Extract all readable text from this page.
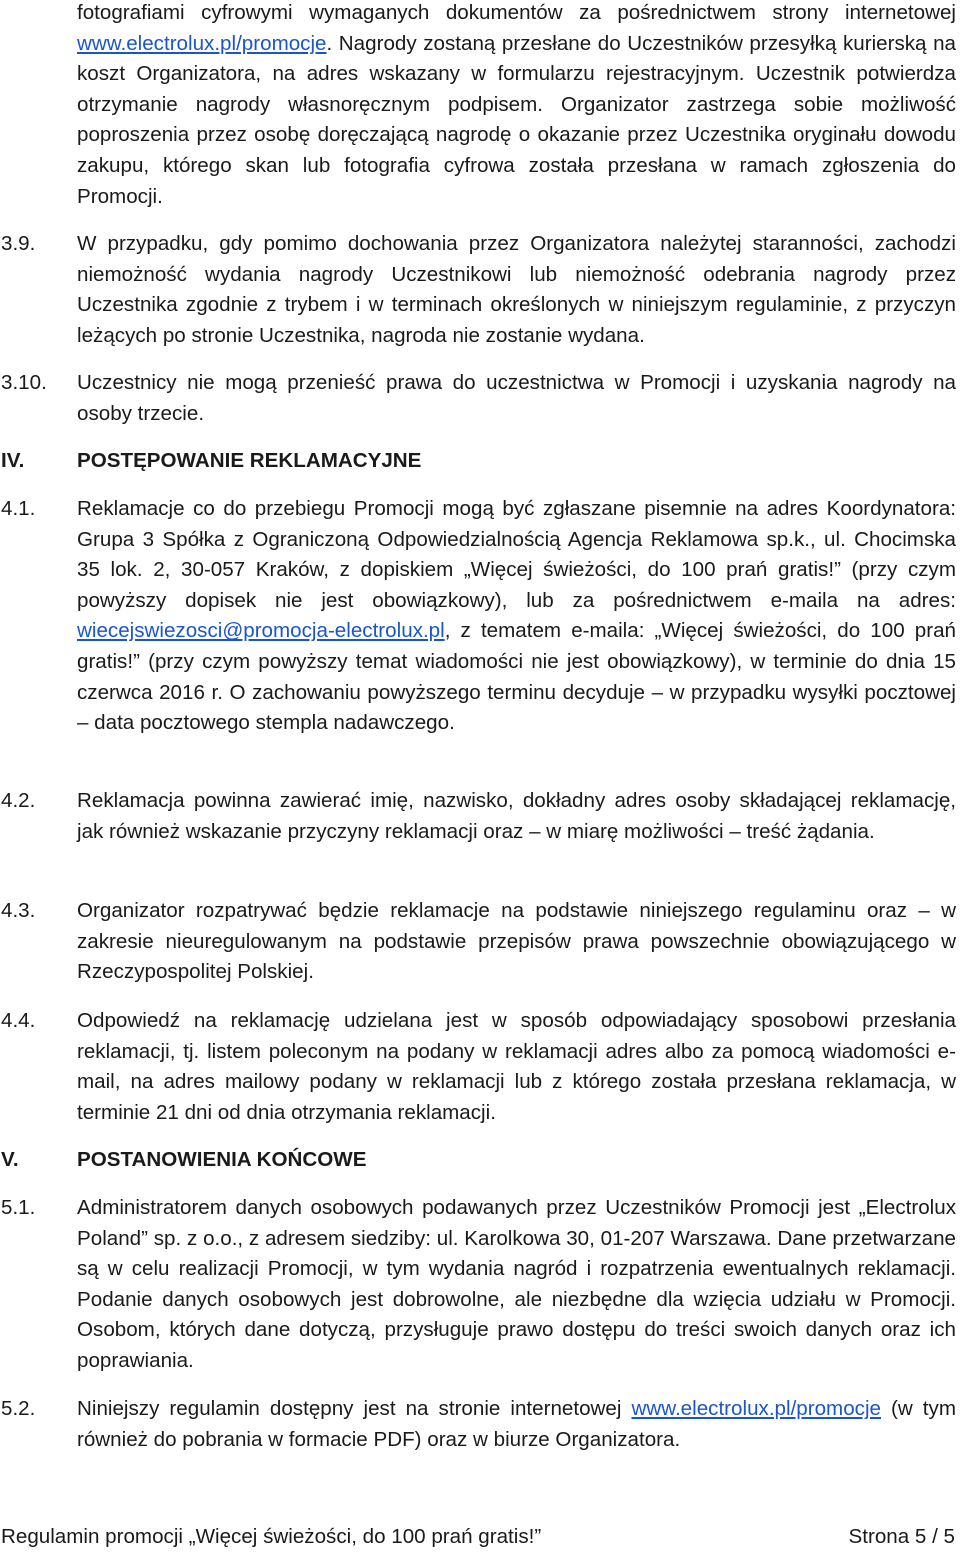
fotografiami cyfrowymi wymaganych dokumentów za pośrednictwem strony internetowej www.electrolux.pl/promocje. Nagrody zostaną przesłane do Uczestników przesyłką kurierską na koszt Organizatora, na adres wskazany w formularzu rejestracyjnym. Uczestnik potwierdza otrzymanie nagrody własnoręcznym podpisem. Organizator zastrzega sobie możliwość poproszenia przez osobę doręczającą nagrodę o okazanie przez Uczestnika oryginału dowodu zakupu, którego skan lub fotografia cyfrowa została przesłana w ramach zgłoszenia do Promocji.
3.9. W przypadku, gdy pomimo dochowania przez Organizatora należytej staranności, zachodzi niemożność wydania nagrody Uczestnikowi lub niemożność odebrania nagrody przez Uczestnika zgodnie z trybem i w terminach określonych w niniejszym regulaminie, z przyczyn leżących po stronie Uczestnika, nagroda nie zostanie wydana.
3.10. Uczestnicy nie mogą przenieść prawa do uczestnictwa w Promocji i uzyskania nagrody na osoby trzecie.
IV.	POSTĘPOWANIE REKLAMACYJNE
4.1. Reklamacje co do przebiegu Promocji mogą być zgłaszane pisemnie na adres Koordynatora: Grupa 3 Spółka z Ograniczoną Odpowiedzialnością Agencja Reklamowa sp.k., ul. Chocimska 35 lok. 2, 30-057 Kraków, z dopiskiem „Więcej świeżości, do 100 prań gratis!” (przy czym powyższy dopisek nie jest obowiązkowy), lub za pośrednictwem e-maila na adres: wiecejswiezosci@promocja-electrolux.pl, z tematem e-maila: „Więcej świeżości, do 100 prań gratis!” (przy czym powyższy temat wiadomości nie jest obowiązkowy), w terminie do dnia 15 czerwca 2016 r. O zachowaniu powyższego terminu decyduje – w przypadku wysyłki pocztowej – data pocztowego stempla nadawczego.
4.2. Reklamacja powinna zawierać imię, nazwisko, dokładny adres osoby składającej reklamację, jak również wskazanie przyczyny reklamacji oraz – w miarę możliwości – treść żądania.
4.3. Organizator rozpatrywać będzie reklamacje na podstawie niniejszego regulaminu oraz – w zakresie nieuregulowanym na podstawie przepisów prawa powszechnie obowiązującego w Rzeczypospolitej Polskiej.
4.4. Odpowiedź na reklamację udzielana jest w sposób odpowiadający sposobowi przesłania reklamacji, tj. listem poleconym na podany w reklamacji adres albo za pomocą wiadomości e-mail, na adres mailowy podany w reklamacji lub z którego została przesłana reklamacja, w terminie 21 dni od dnia otrzymania reklamacji.
V.	POSTANOWIENIA KOŃCOWE
5.1. Administratorem danych osobowych podawanych przez Uczestników Promocji jest „Electrolux Poland” sp. z o.o., z adresem siedziby: ul. Karolkowa 30, 01-207 Warszawa. Dane przetwarzane są w celu realizacji Promocji, w tym wydania nagród i rozpatrzenia ewentualnych reklamacji. Podanie danych osobowych jest dobrowolne, ale niezbędne dla wzięcia udziału w Promocji. Osobom, których dane dotyczą, przysługuje prawo dostępu do treści swoich danych oraz ich poprawiania.
5.2. Niniejszy regulamin dostępny jest na stronie internetowej www.electrolux.pl/promocje (w tym również do pobrania w formacie PDF) oraz w biurze Organizatora.
Regulamin promocji „Więcej świeżości, do 100 prań gratis!”	Strona 5 / 5
